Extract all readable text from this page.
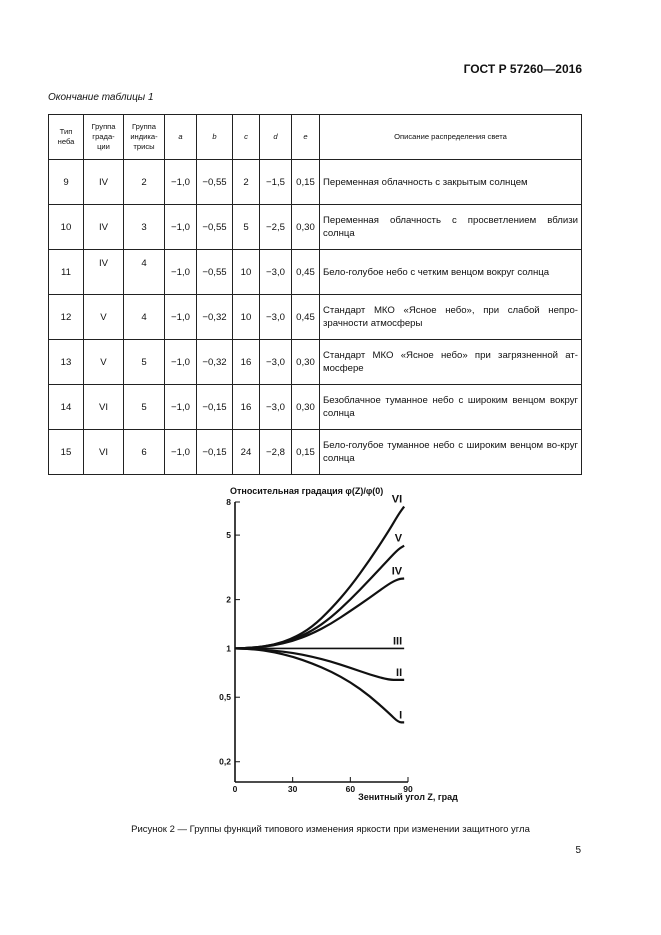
ГОСТ Р 57260—2016
Окончание таблицы 1
Тип неба	Группа града-ции	Группа индика-трисы	a	b	c	d	e	Описание распределения света
9	IV	2	−1,0	−0,55	2	−1,5	0,15	Переменная облачность с закрытым солнцем
10	IV	3	−1,0	−0,55	5	−2,5	0,30	Переменная облачность с просветлением вблизи солнца
11	IV	4	−1,0	−0,55	10	−3,0	0,45	Бело-голубое небо с четким венцом вокруг солнца
12	V	4	−1,0	−0,32	10	−3,0	0,45	Стандарт МКО «Ясное небо», при слабой непро-зрачности атмосферы
13	V	5	−1,0	−0,32	16	−3,0	0,30	Стандарт МКО «Ясное небо» при загрязненной ат-мосфере
14	VI	5	−1,0	−0,15	16	−3,0	0,30	Безоблачное туманное небо с широким венцом вокруг солнца
15	VI	6	−1,0	−0,15	24	−2,8	0,15	Бело-голубое туманное небо с широким венцом во-круг солнца
Относительная градация φ(Z)/φ(0)
Зенитный угол Z, град
8
5
2
1
0,5
0,2
0	30	60	90
VI
V
IV
III
II
I
Рисунок 2 — Группы функций типового изменения яркости при изменении защитного угла
5
